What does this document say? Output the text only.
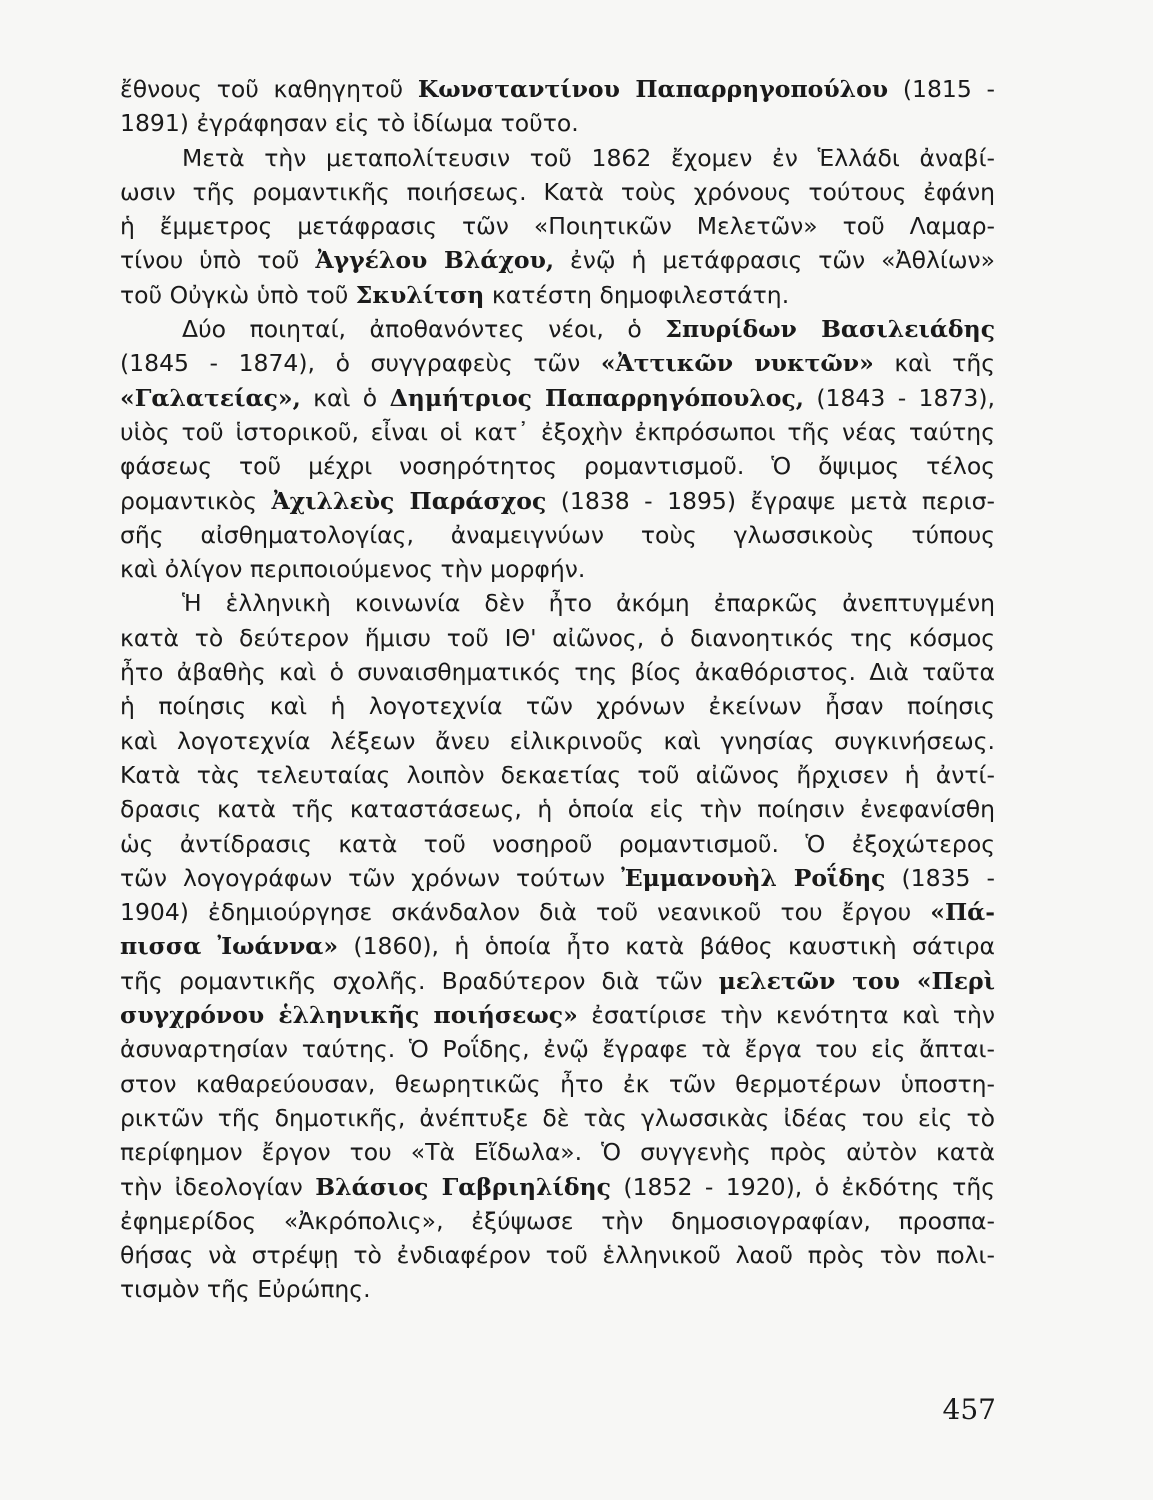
ἔθνους τοῦ καθηγητοῦ Κωνσταντίνου Παπαρρηγοπούλου (1815 -
1891) ἐγράφησαν εἰς τὸ ἰδίωμα τοῦτο.
Μετὰ τὴν μεταπολίτευσιν τοῦ 1862 ἔχομεν ἐν Ἑλλάδι ἀναβί-
ωσιν τῆς ρομαντικῆς ποιήσεως. Κατὰ τοὺς χρόνους τούτους ἐφάνη
ἡ ἔμμετρος μετάφρασις τῶν «Ποιητικῶν Μελετῶν» τοῦ Λαμαρ-
τίνου ὑπὸ τοῦ Ἀγγέλου Βλάχου, ἐνῷ ἡ μετάφρασις τῶν «Ἀθλίων»
τοῦ Οὐγκὼ ὑπὸ τοῦ Σκυλίτση κατέστη δημοφιλεστάτη.
Δύο ποιηταί, ἀποθανόντες νέοι, ὁ Σπυρίδων Βασιλειάδης
(1845 - 1874), ὁ συγγραφεὺς τῶν «Ἀττικῶν νυκτῶν» καὶ τῆς
«Γαλατείας», καὶ ὁ Δημήτριος Παπαρρηγόπουλος, (1843 - 1873),
υἱὸς τοῦ ἱστορικοῦ, εἶναι οἱ κατ᾽ ἐξοχὴν ἐκπρόσωποι τῆς νέας ταύτης
φάσεως τοῦ μέχρι νοσηρότητος ρομαντισμοῦ. Ὁ ὄψιμος τέλος
ρομαντικὸς Ἀχιλλεὺς Παράσχος (1838 - 1895) ἔγραψε μετὰ περισ-
σῆς αἰσθηματολογίας, ἀναμειγνύων τοὺς γλωσσικοὺς τύπους
καὶ ὀλίγον περιποιούμενος τὴν μορφήν.
Ἡ ἑλληνικὴ κοινωνία δὲν ἦτο ἀκόμη ἐπαρκῶς ἀνεπτυγμένη
κατὰ τὸ δεύτερον ἥμισυ τοῦ ΙΘ' αἰῶνος, ὁ διανοητικός της κόσμος
ἦτο ἀβαθὴς καὶ ὁ συναισθηματικός της βίος ἀκαθόριστος. Διὰ ταῦτα
ἡ ποίησις καὶ ἡ λογοτεχνία τῶν χρόνων ἐκείνων ἦσαν ποίησις
καὶ λογοτεχνία λέξεων ἄνευ εἰλικρινοῦς καὶ γνησίας συγκινήσεως.
Κατὰ τὰς τελευταίας λοιπὸν δεκαετίας τοῦ αἰῶνος ἤρχισεν ἡ ἀντί-
δρασις κατὰ τῆς καταστάσεως, ἡ ὁποία εἰς τὴν ποίησιν ἐνεφανίσθη
ὡς ἀντίδρασις κατὰ τοῦ νοσηροῦ ρομαντισμοῦ. Ὁ ἐξοχώτερος
τῶν λογογράφων τῶν χρόνων τούτων Ἐμμανουὴλ Ροΐδης (1835 -
1904) ἐδημιούργησε σκάνδαλον διὰ τοῦ νεανικοῦ του ἔργου «Πά-
πισσα Ἰωάννα» (1860), ἡ ὁποία ἦτο κατὰ βάθος καυστικὴ σάτιρα
τῆς ρομαντικῆς σχολῆς. Βραδύτερον διὰ τῶν μελετῶν του «Περὶ
συγχρόνου ἑλληνικῆς ποιήσεως» ἐσατίρισε τὴν κενότητα καὶ τὴν
ἀσυναρτησίαν ταύτης. Ὁ Ροΐδης, ἐνῷ ἔγραφε τὰ ἔργα του εἰς ἄπται-
στον καθαρεύουσαν, θεωρητικῶς ἦτο ἐκ τῶν θερμοτέρων ὑποστη-
ρικτῶν τῆς δημοτικῆς, ἀνέπτυξε δὲ τὰς γλωσσικὰς ἰδέας του εἰς τὸ
περίφημον ἔργον του «Τὰ Εἴδωλα». Ὁ συγγενὴς πρὸς αὐτὸν κατὰ
τὴν ἰδεολογίαν Βλάσιος Γαβριηλίδης (1852 - 1920), ὁ ἐκδότης τῆς
ἐφημερίδος «Ἀκρόπολις», ἐξύψωσε τὴν δημοσιογραφίαν, προσπα-
θήσας νὰ στρέψῃ τὸ ἐνδιαφέρον τοῦ ἑλληνικοῦ λαοῦ πρὸς τὸν πολι-
τισμὸν τῆς Εὐρώπης.
457
